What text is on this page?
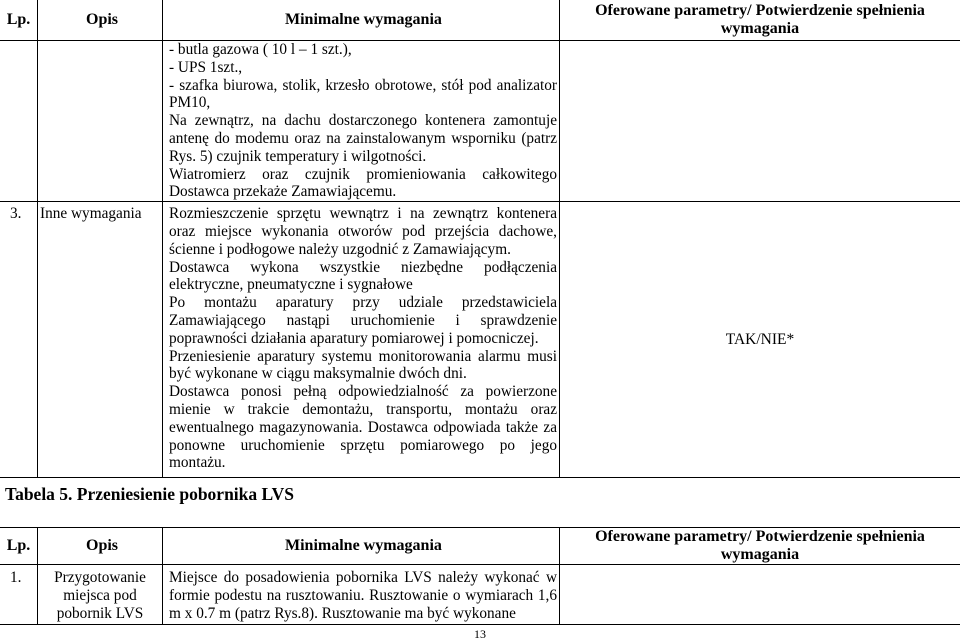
Lp.	Opis	Minimalne wymagania	Oferowane parametry/ Potwierdzenie spełnienia wymagania

		- butla gazowa ( 10 l – 1 szt.),
- UPS 1szt.,
- szafka biurowa, stolik, krzesło obrotowe, stół pod analizator PM10,
Na zewnątrz, na dachu dostarczonego kontenera zamontuje antenę do modemu oraz na zainstalowanym wsporniku (patrz Rys. 5) czujnik temperatury i wilgotności.
Wiatromierz oraz czujnik promieniowania całkowitego Dostawca przekaże Zamawiającemu.	

3.	Inne wymagania	Rozmieszczenie sprzętu wewnątrz i na zewnątrz kontenera oraz miejsce wykonania otworów pod przejścia dachowe, ścienne i podłogowe należy uzgodnić z Zamawiającym.
Dostawca wykona wszystkie niezbędne podłączenia elektryczne, pneumatyczne i sygnałowe
Po montażu aparatury przy udziale przedstawiciela Zamawiającego nastąpi uruchomienie i sprawdzenie poprawności działania aparatury pomiarowej i pomocniczej.
Przeniesienie aparatury systemu monitorowania alarmu musi być wykonane w ciągu maksymalnie dwóch dni.
Dostawca ponosi pełną odpowiedzialność za powierzone mienie w trakcie demontażu, transportu, montażu oraz ewentualnego magazynowania. Dostawca odpowiada także za ponowne uruchomienie sprzętu pomiarowego po jego montażu.	TAK/NIE*
Tabela 5. Przeniesienie pobornika LVS
Lp.	Opis	Minimalne wymagania	Oferowane parametry/ Potwierdzenie spełnienia wymagania
1.	Przygotowanie miejsca pod pobornik LVS	Miejsce do posadowienia pobornika LVS należy wykonać w formie podestu na rusztowaniu. Rusztowanie o wymiarach 1,6 m x 0.7 m (patrz Rys.8). Rusztowanie ma być wykonane	
13
